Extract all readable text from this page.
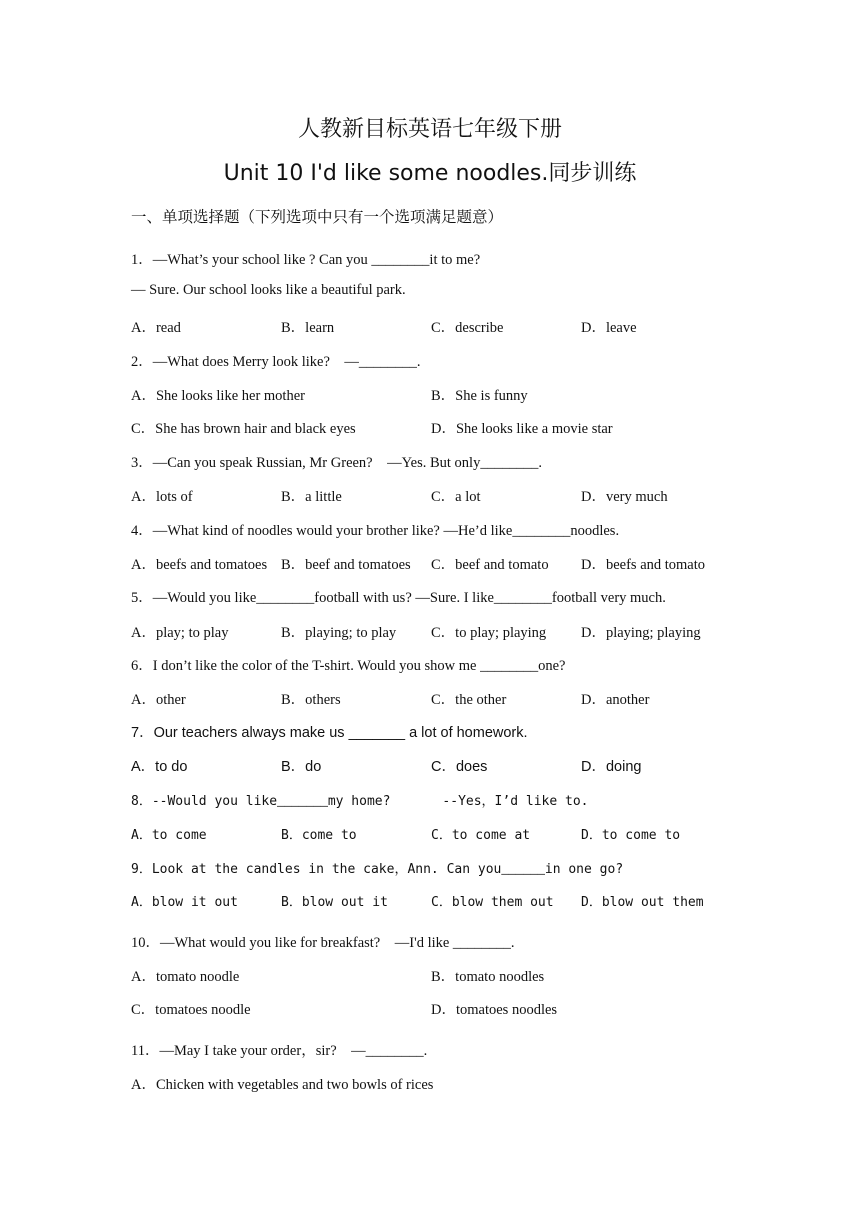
人教新目标英语七年级下册
Unit 10 I'd like some noodles.同步训练
一、单项选择题（下列选项中只有一个选项满足题意）
1．—What’s your school like ? Can you ________it to me?
— Sure. Our school looks like a beautiful park.
A．read	B．learn	C．describe	D．leave
2．—What does Merry look like?　—________.
A．She looks like her mother	B．She is funny
C．She has brown hair and black eyes	D．She looks like a movie star
3．—Can you speak Russian, Mr Green?　—Yes. But only________.
A．lots of	B．a little	C．a lot	D．very much
4．—What kind of noodles would your brother like? —He’d like________noodles.
A．beefs and tomatoes B．beef and tomatoes C．beef and tomato D．beefs and tomato
5．—Would you like________football with us? —Sure. I like________football very much.
A．play; to play	B．playing; to play C．to play; playing D．playing; playing
6．I don’t like the color of the T-shirt. Would you show me ________one?
A．other	B．others	C．the other	D．another
7．Our teachers always make us _______ a lot of homework.
A．to do	B．do	C．does	D．doing
8．--Would you like_______my home?　　　　--Yes，I’d like to.
A．to come	B．come to	C．to come at	D．to come to
9．Look at the candles in the cake，Ann. Can you______in one go?
A．blow it out	B．blow out it	C．blow them out D．blow out them
10．—What would you like for breakfast?　—I'd like ________.
A．tomato noodle	B．tomato noodles
C．tomatoes noodle	D．tomatoes noodles
11．—May I take your order，sir?　—________.
A．Chicken with vegetables and two bowls of rices
